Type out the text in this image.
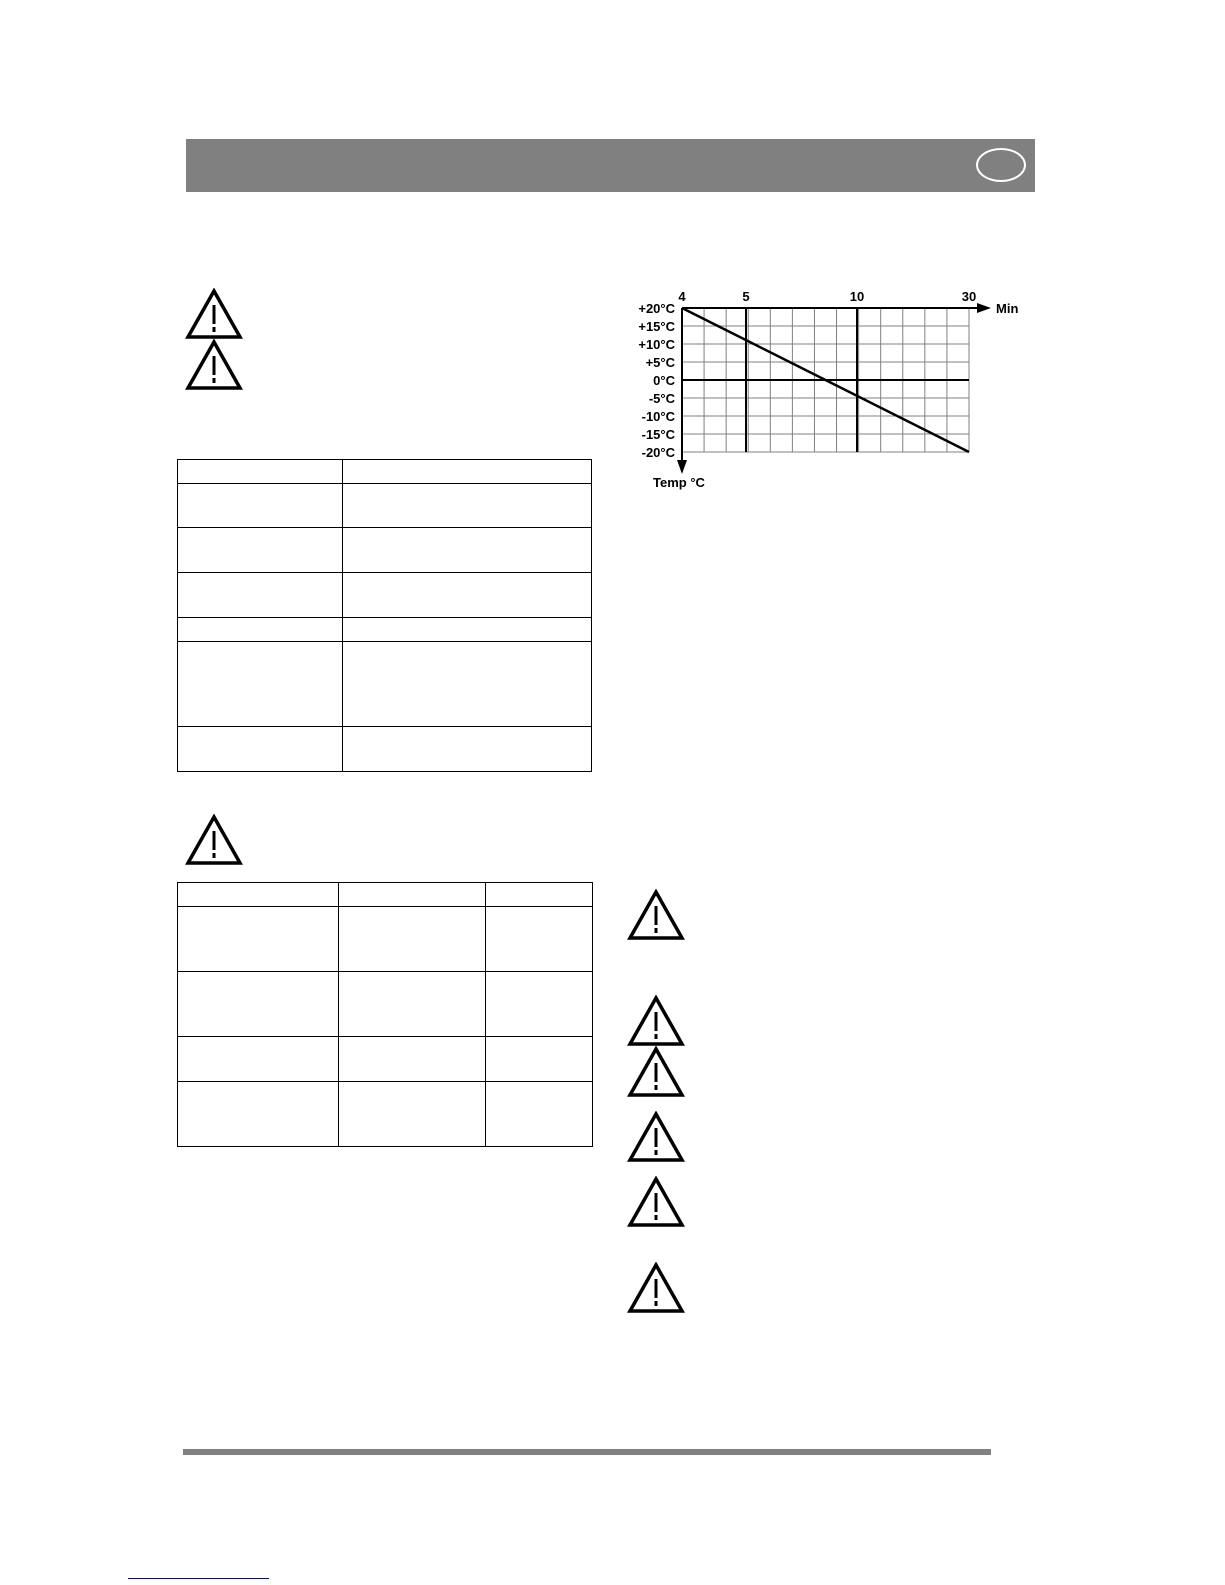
4	5	10	30
+20°C
+15°C
+10°C
+5°C
0°C
-5°C
-10°C
-15°C
-20°C
Min
Temp °C
